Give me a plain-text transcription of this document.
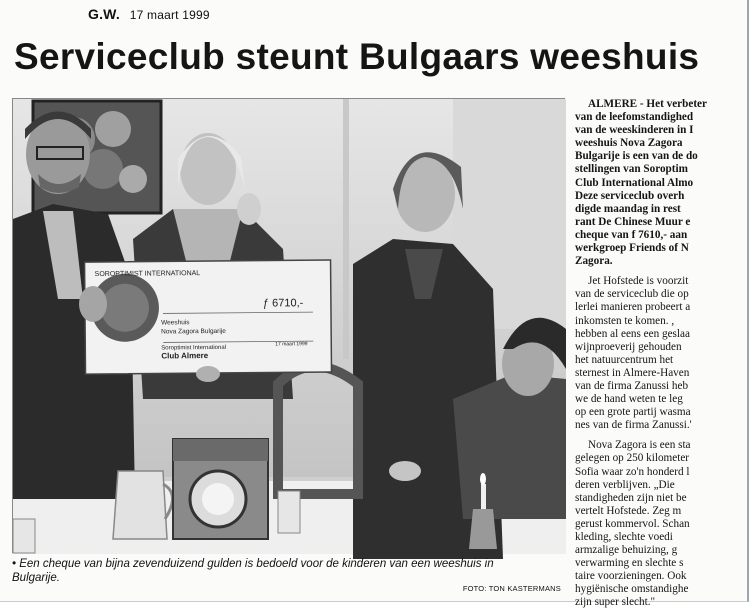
G.W. 17 maart 1999
Serviceclub steunt Bulgaars weeshuis
SOROPTIMIST INTERNATIONAL
ƒ 6710,-
Weeshuis
Nova Zagora Bulgarije
Soroptimist International
Club Almere
17 maart 1999
• Een cheque van bijna zevenduizend gulden is bedoeld voor de kinderen van een weeshuis in
Bulgarije.
FOTO: TON KASTERMANS

ALMERE - Het verbeter
van de leefomstandighed
van de weeskinderen in I
weeshuis Nova Zagora
Bulgarije is een van de do
stellingen van Soroptim
Club International Almo
Deze serviceclub overh
digde maandag in rest
rant De Chinese Muur e
cheque van f 7610,- aan
werkgroep Friends of N
Zagora.

Jet Hofstede is voorzit
van de serviceclub die op
lerlei manieren probeert a
inkomsten te komen. ,
hebben al eens een geslaa
wijnproeverij gehouden
het natuurcentrum het
sternest in Almere-Haven
van de firma Zanussi heb
we de hand weten te leg
op een grote partij wasma
nes van de firma Zanussi.'

Nova Zagora is een sta
gelegen op 250 kilometer
Sofia waar zo'n honderd l
deren verblijven. „Die
standigheden zijn niet be
vertelt Hofstede. Zeg m
gerust kommervol. Schan
kleding, slechte voedi
armzalige behuizing, g
verwarming en slechte s
taire voorzieningen. Ook
hygiënische omstandighe
zijn super slecht."
